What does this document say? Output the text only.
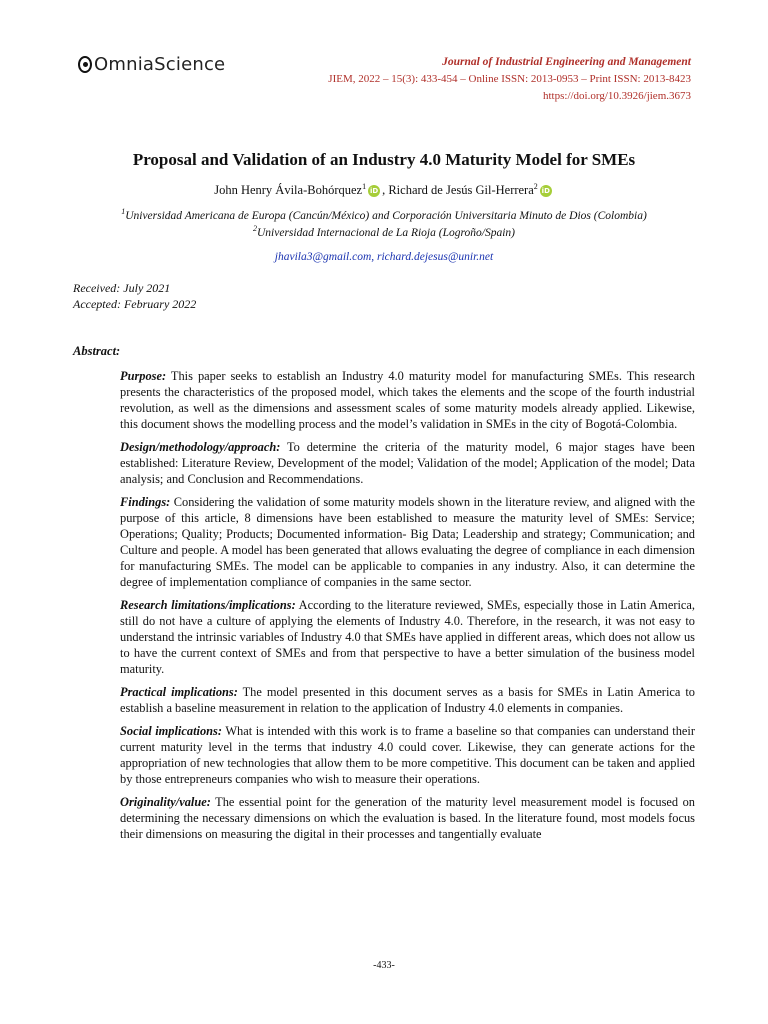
OmniaScience	Journal of Industrial Engineering and Management
JIEM, 2022 – 15(3): 433-454 – Online ISSN: 2013-0953 – Print ISSN: 2013-8423
https://doi.org/10.3926/jiem.3673
Proposal and Validation of an Industry 4.0 Maturity Model for SMEs
John Henry Ávila-Bohórquez$^1$iD , Richard de Jesús Gil-Herrera$^2$iD
$^1$Universidad Americana de Europa (Cancún/México) and Corporación Universitaria Minuto de Dios (Colombia)
$^2$Universidad Internacional de La Rioja (Logroño/Spain)
jhavila3@gmail.com, richard.dejesus@unir.net
Received: July 2021
Accepted: February 2022
Abstract:

Purpose: This paper seeks to establish an Industry 4.0 maturity model for manufacturing SMEs. This research presents the characteristics of the proposed model, which takes the elements and the scope of the fourth industrial revolution, as well as the dimensions and assessment scales of some maturity models already applied. Likewise, this document shows the modelling process and the model’s validation in SMEs in the city of Bogotá-Colombia.

Design/methodology/approach: To determine the criteria of the maturity model, 6 major stages have been established: Literature Review, Development of the model; Validation of the model; Application of the model; Data analysis; and Conclusion and Recommendations.

Findings: Considering the validation of some maturity models shown in the literature review, and aligned with the purpose of this article, 8 dimensions have been established to measure the maturity level of SMEs: Service; Operations; Quality; Products; Documented information- Big Data; Leadership and strategy; Communication; and Culture and people. A model has been generated that allows evaluating the degree of compliance in each dimension for manufacturing SMEs. The model can be applicable to companies in any industry. Also, it can determine the degree of implementation compliance of companies in the same sector.

Research limitations/implications: According to the literature reviewed, SMEs, especially those in Latin America, still do not have a culture of applying the elements of Industry 4.0. Therefore, in the research, it was not easy to understand the intrinsic variables of Industry 4.0 that SMEs have applied in different areas, which does not allow us to have the current context of SMEs and from that perspective to have a better simulation of the business model maturity.

Practical implications: The model presented in this document serves as a basis for SMEs in Latin America to establish a baseline measurement in relation to the application of Industry 4.0 elements in companies.

Social implications: What is intended with this work is to frame a baseline so that companies can understand their current maturity level in the terms that industry 4.0 could cover. Likewise, they can generate actions for the appropriation of new technologies that allow them to be more competitive. This document can be taken and applied by those entrepreneurs companies who wish to measure their operations.

Originality/value: The essential point for the generation of the maturity level measurement model is focused on determining the necessary dimensions on which the evaluation is based. In the literature found, most models focus their dimensions on measuring the digital in their processes and tangentially evaluate

-433-
